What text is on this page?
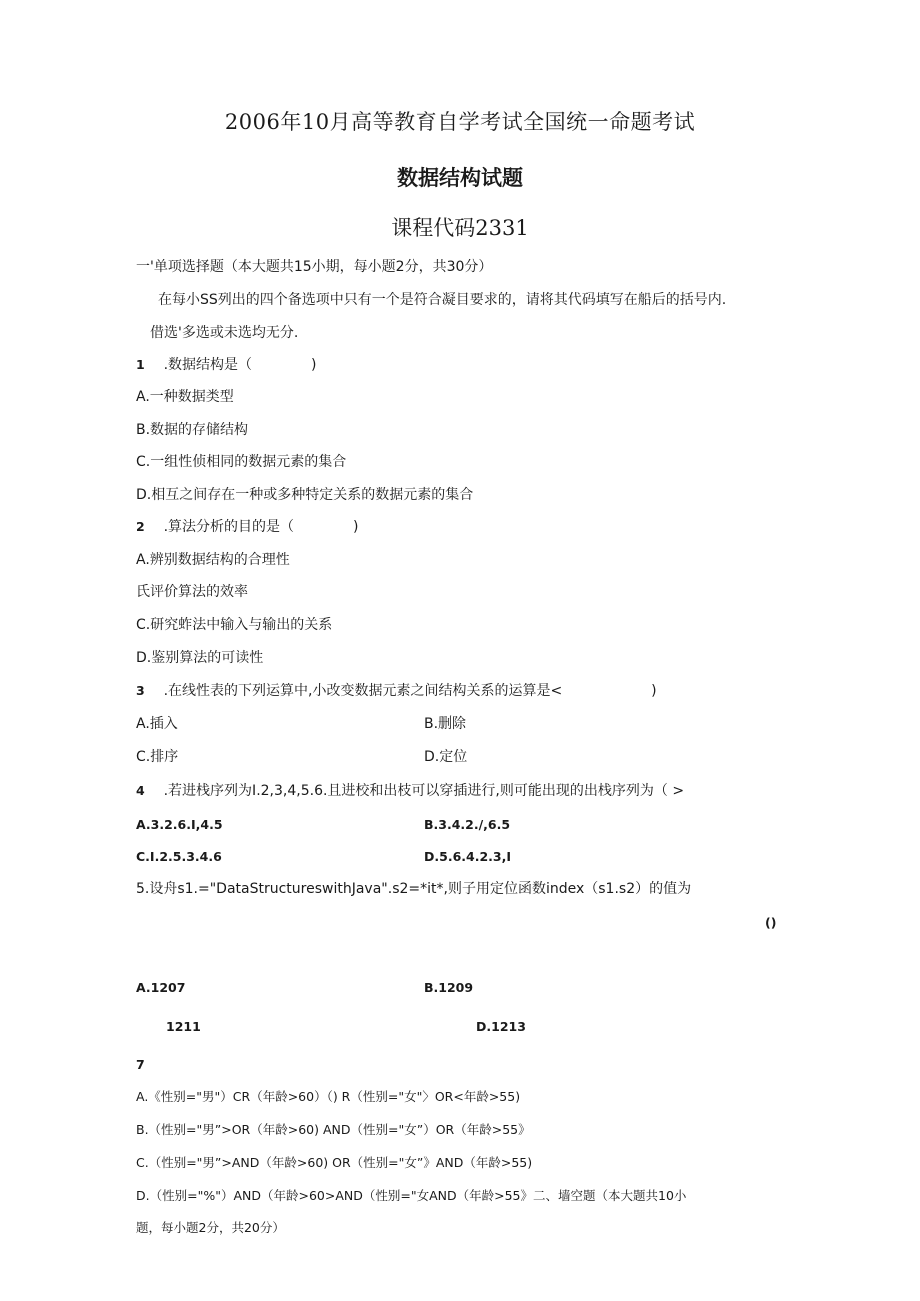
2006年10月高等教育自学考试全国统一命题考试
数据结构试题
课程代码2331
一'单项选择题（本大题共15小期，每小题2分，共30分）
在每小SS列出的四个备选项中只有一个是符合凝目要求的，请将其代码填写在船后的括号内.
借选'多选或未选均无分.
1 .数据结构是（	)
A.一种数据类型
B.数据的存储结构
C.一组性侦相同的数据元素的集合
D.相互之间存在一种或多种特定关系的数据元素的集合
2 .算法分析的目的是（	)
A.辨别数据结构的合理性
氏评价算法的效率
C.研究蚱法中输入与输出的关系
D.鉴别算法的可读性
3 .在线性表的下列运算中,小改变数据元素之间结构关系的运算是<	)
A.插入	B.删除
C.排序	D.定位
4 .若进栈序列为I.2,3,4,5.6.且进校和出枝可以穿插进行,则可能出现的出栈序列为（ >
A.3.2.6.I,4.5	B.3.4.2./,6.5
C.I.2.5.3.4.6	D.5.6.4.2.3,I
5.设舟s1.="DataStructureswithJava".s2=*it*,则子用定位函数index（s1.s2）的值为
()
A.1207	B.1209
1211	D.1213
7
A.《性别="男"）CR（年龄>60）（) R（性别="女"〉OR<年龄>55)
B.（性别="男”>OR（年龄>60) AND（性别="女”）OR（年龄>55》
C.（性别="男”>AND（年龄>60) OR（性别="女”》AND（年龄>55)
D.（性别="%"）AND（年龄>60>AND（性别="女AND（年龄>55》二、墙空题（本大题共10小
题，每小题2分，共20分）
